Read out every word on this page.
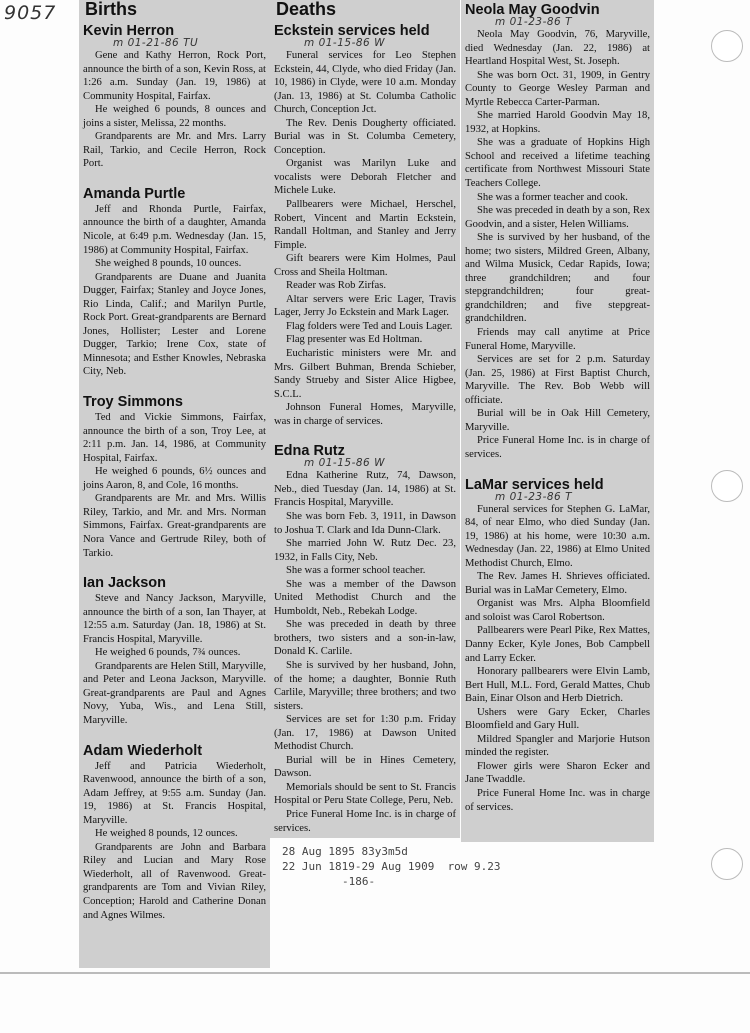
9057 Births
Kevin Herron
m 01-21-86 TU

Gene and Kathy Herron, Rock Port, announce the birth of a son, Kevin Ross, at 1:26 a.m. Sunday (Jan. 19, 1986) at Community Hospital, Fairfax.

He weighed 6 pounds, 8 ounces and joins a sister, Melissa, 22 months.

Grandparents are Mr. and Mrs. Larry Rail, Tarkio, and Cecile Herron, Rock Port.

Amanda Purtle

Jeff and Rhonda Purtle, Fairfax, announce the birth of a daughter, Amanda Nicole, at 6:49 p.m. Wednesday (Jan. 15, 1986) at Community Hospital, Fairfax.

She weighed 8 pounds, 10 ounces.

Grandparents are Duane and Juanita Dugger, Fairfax; Stanley and Joyce Jones, Rio Linda, Calif.; and Marilyn Purtle, Rock Port. Great-grandparents are Bernard Jones, Hollister; Lester and Lorene Dugger, Tarkio; Irene Cox, state of Minnesota; and Esther Knowles, Nebraska City, Neb.

Troy Simmons

Ted and Vickie Simmons, Fairfax, announce the birth of a son, Troy Lee, at 2:11 p.m. Jan. 14, 1986, at Community Hospital, Fairfax.

He weighed 6 pounds, 6½ ounces and joins Aaron, 8, and Cole, 16 months.

Grandparents are Mr. and Mrs. Willis Riley, Tarkio, and Mr. and Mrs. Norman Simmons, Fairfax. Great-grandparents are Nora Vance and Gertrude Riley, both of Tarkio.

Ian Jackson

Steve and Nancy Jackson, Maryville, announce the birth of a son, Ian Thayer, at 12:55 a.m. Saturday (Jan. 18, 1986) at St. Francis Hospital, Maryville.

He weighed 6 pounds, 7¾ ounces.

Grandparents are Helen Still, Maryville, and Peter and Leona Jackson, Maryville. Great-grandparents are Paul and Agnes Novy, Yuba, Wis., and Lena Still, Maryville.

Adam Wiederholt

Jeff and Patricia Wiederholt, Ravenwood, announce the birth of a son, Adam Jeffrey, at 9:55 a.m. Sunday (Jan. 19, 1986) at St. Francis Hospital, Maryville.

He weighed 8 pounds, 12 ounces.

Grandparents are John and Barbara Riley and Lucian and Mary Rose Wiederholt, all of Ravenwood. Great-grandparents are Tom and Vivian Riley, Conception; Harold and Catherine Donan and Agnes Wilmes.

Deaths
Eckstein services held
m 01-15-86 W

Funeral services for Leo Stephen Eckstein, 44, Clyde, who died Friday (Jan. 10, 1986) in Clyde, were 10 a.m. Monday (Jan. 13, 1986) at St. Columba Catholic Church, Conception Jct.

The Rev. Denis Dougherty officiated. Burial was in St. Columba Cemetery, Conception.

Organist was Marilyn Luke and vocalists were Deborah Fletcher and Michele Luke.

Pallbearers were Michael, Herschel, Robert, Vincent and Martin Eckstein, Randall Holtman, and Stanley and Jerry Fimple.

Gift bearers were Kim Holmes, Paul Cross and Sheila Holtman.

Reader was Rob Zirfas.

Altar servers were Eric Lager, Travis Lager, Jerry Jo Eckstein and Mark Lager.

Flag folders were Ted and Louis Lager.

Flag presenter was Ed Holtman.

Eucharistic ministers were Mr. and Mrs. Gilbert Buhman, Brenda Schieber, Sandy Strueby and Sister Alice Higbee, S.C.L.

Johnson Funeral Homes, Maryville, was in charge of services.

Edna Rutz
m 01-15-86 W

Edna Katherine Rutz, 74, Dawson, Neb., died Tuesday (Jan. 14, 1986) at St. Francis Hospital, Maryville.

She was born Feb. 3, 1911, in Dawson to Joshua T. Clark and Ida Dunn-Clark.

She married John W. Rutz Dec. 23, 1932, in Falls City, Neb.

She was a former school teacher.

She was a member of the Dawson United Methodist Church and the Humboldt, Neb., Rebekah Lodge.

She was preceded in death by three brothers, two sisters and a son-in-law, Donald K. Carlile.

She is survived by her husband, John, of the home; a daughter, Bonnie Ruth Carlile, Maryville; three brothers; and two sisters.

Services are set for 1:30 p.m. Friday (Jan. 17, 1986) at Dawson United Methodist Church.

Burial will be in Hines Cemetery, Dawson.

Memorials should be sent to St. Francis Hospital or Peru State College, Peru, Neb.

Price Funeral Home Inc. is in charge of services.

Neola May Goodvin
m 01-23-86 T

Neola May Goodvin, 76, Maryville, died Wednesday (Jan. 22, 1986) at Heartland Hospital West, St. Joseph.

She was born Oct. 31, 1909, in Gentry County to George Wesley Parman and Myrtle Rebecca Carter-Parman.

She married Harold Goodvin May 18, 1932, at Hopkins.

She was a graduate of Hopkins High School and received a lifetime teaching certificate from Northwest Missouri State Teachers College.

She was a former teacher and cook.

She was preceded in death by a son, Rex Goodvin, and a sister, Helen Williams.

She is survived by her husband, of the home; two sisters, Mildred Green, Albany, and Wilma Musick, Cedar Rapids, Iowa; three grandchildren; and four stepgrandchildren; four great-grandchildren; and five stepgreat-grandchildren.

Friends may call anytime at Price Funeral Home, Maryville.

Services are set for 2 p.m. Saturday (Jan. 25, 1986) at First Baptist Church, Maryville. The Rev. Bob Webb will officiate.

Burial will be in Oak Hill Cemetery, Maryville.

Price Funeral Home Inc. is in charge of services.

LaMar services held
m 01-23-86 T

Funeral services for Stephen G. LaMar, 84, of near Elmo, who died Sunday (Jan. 19, 1986) at his home, were 10:30 a.m. Wednesday (Jan. 22, 1986) at Elmo United Methodist Church, Elmo.

The Rev. James H. Shrieves officiated. Burial was in LaMar Cemetery, Elmo.

Organist was Mrs. Alpha Bloomfield and soloist was Carol Robertson.

Pallbearers were Pearl Pike, Rex Mattes, Danny Ecker, Kyle Jones, Bob Campbell and Larry Ecker.

Honorary pallbearers were Elvin Lamb, Bert Hull, M.L. Ford, Gerald Mattes, Chub Bain, Einar Olson and Herb Dietrich.

Ushers were Gary Ecker, Charles Bloomfield and Gary Hull.

Mildred Spangler and Marjorie Hutson minded the register.

Flower girls were Sharon Ecker and Jane Twaddle.

Price Funeral Home Inc. was in charge of services.

28 Aug 1895 83y3m5d
22 Jun 1819-29 Aug 1909  row 9.23
-186-
